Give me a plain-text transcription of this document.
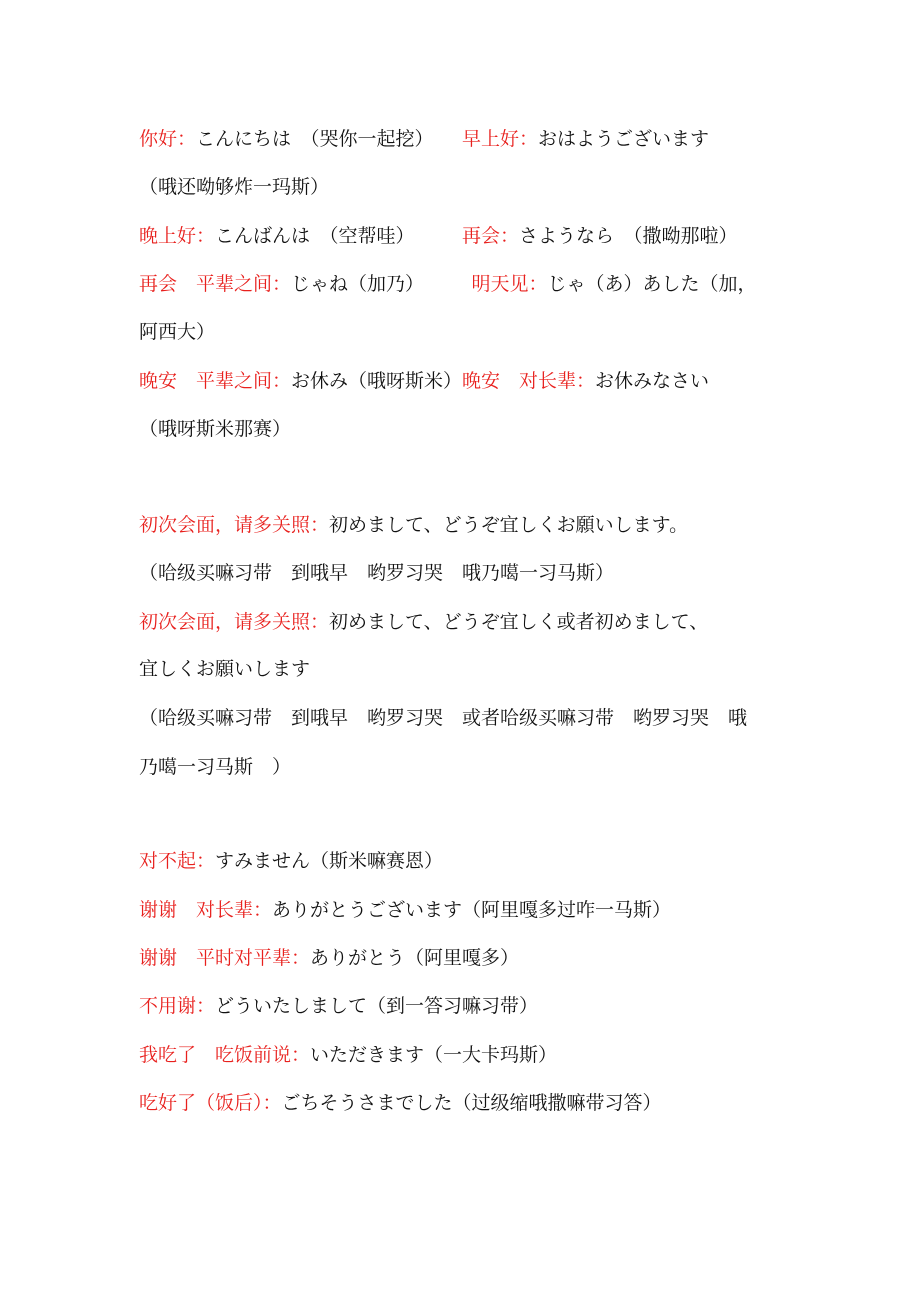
你好：こんにちは　（哭你一起挖）　　早上好：おはようございます
（哦还呦够炸一玛斯）
晚上好：こんばんは　（空帮哇）　　　再会：さようなら　（撒呦那啦）
再会　平辈之间：じゃね（加乃）　　　明天见：じゃ（あ）あした（加，
阿西大）
晚安　平辈之间：お休み（哦呀斯米）晚安　对长辈：お休みなさい
（哦呀斯米那赛）
初次会面，请多关照：初めまして、どうぞ宜しくお願いします。
（哈级买嘛习带　到哦早　哟罗习哭　哦乃噶一习马斯）
初次会面，请多关照：初めまして、どうぞ宜しく或者初めまして、
宜しくお願いします
（哈级买嘛习带　到哦早　哟罗习哭　或者哈级买嘛习带　哟罗习哭　哦
乃噶一习马斯　）
对不起：すみません（斯米嘛赛恩）
谢谢　对长辈：ありがとうございます（阿里嘎多过咋一马斯）
谢谢　平时对平辈：ありがとう（阿里嘎多）
不用谢：どういたしまして（到一答习嘛习带）
我吃了　吃饭前说：いただきます（一大卡玛斯）
吃好了（饭后）：ごちそうさまでした（过级缩哦撒嘛带习答）
